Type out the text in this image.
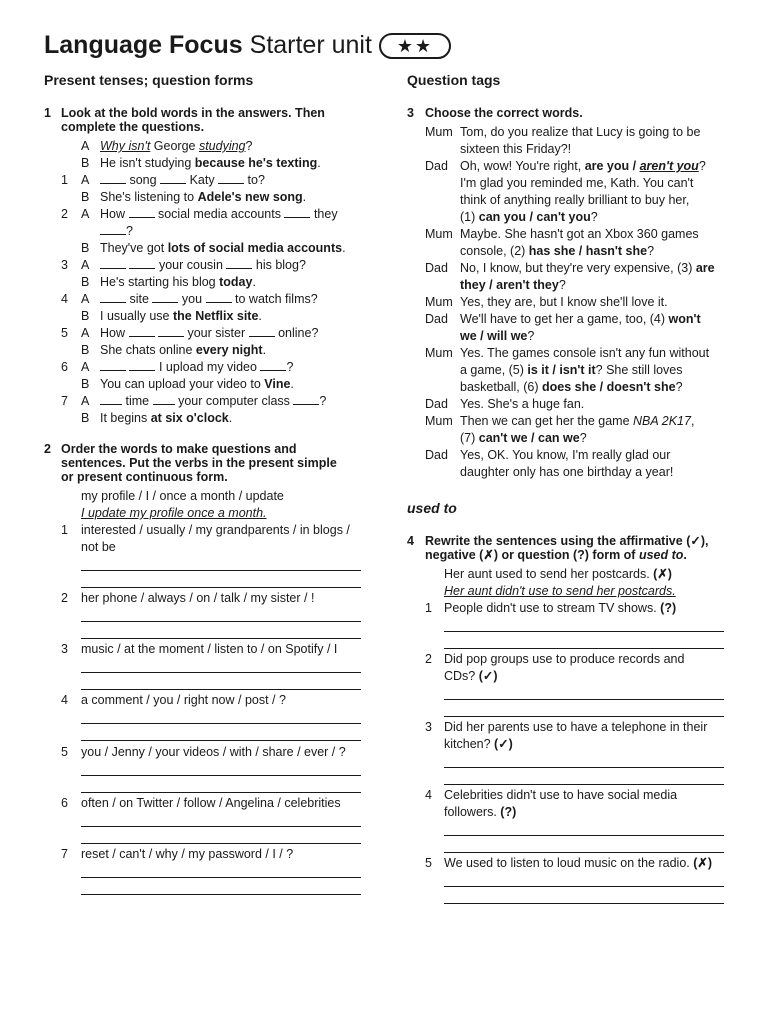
Language Focus Starter unit	★★
Present tenses; question forms	Question tags
1 Look at the bold words in the answers. Then
complete the questions.
A Why isn't George studying?
B He isn't studying because he's texting.
1 A	song	Katy	to?
B She's listening to Adele's new song.
2 A How	social media accounts	they
?
B They've got lots of social media accounts.
3 A	your cousin	his blog?
B He's starting his blog today.
4 A	site	you	to watch films?
B I usually use the Netflix site.
5 A How	your sister	online?
B She chats online every night.
6 A	I upload my video ?
B You can upload your video to Vine.
7 A	time your computer class ?
B It begins at six o'clock.
2 Order the words to make questions and
sentences. Put the verbs in the present simple
or present continuous form.
my profile / I / once a month / update
I update my profile once a month.
1 interested / usually / my grandparents / in blogs /
not be
2 her phone / always / on / talk / my sister / !
3 music / at the moment / listen to / on Spotify / I
4 a comment / you / right now / post / ?
5 you / Jenny / your videos / with / share / ever / ?
6 often / on Twitter / follow / Angelina / celebrities
7 reset / can't / why / my password / I / ?
3 Choose the correct words.
Mum Tom, do you realize that Lucy is going to be
sixteen this Friday?!
Dad Oh, wow! You're right, are you / aren't you?
I'm glad you reminded me, Kath. You can't
think of anything really brilliant to buy her,
(1) can you / can't you?
Mum Maybe. She hasn't got an Xbox 360 games
console, (2) has she / hasn't she?
Dad No, I know, but they're very expensive, (3) are
they / aren't they?
Mum Yes, they are, but I know she'll love it.
Dad We'll have to get her a game, too, (4) won't
we / will we?
Mum Yes. The games console isn't any fun without
a game, (5) is it / isn't it? She still loves
basketball, (6) does she / doesn't she?
Dad Yes. She's a huge fan.
Mum Then we can get her the game NBA 2K17,
(7) can't we / can we?
Dad Yes, OK. You know, I'm really glad our
daughter only has one birthday a year!
used to
4 Rewrite the sentences using the affirmative (✓),
negative (✗) or question (?) form of used to.
Her aunt used to send her postcards. (✗)
Her aunt didn't use to send her postcards.
1 People didn't use to stream TV shows. (?)
2 Did pop groups use to produce records and
CDs? (✓)
3 Did her parents use to have a telephone in their
kitchen? (✓)
4 Celebrities didn't use to have social media
followers. (?)
5 We used to listen to loud music on the radio. (✗)
